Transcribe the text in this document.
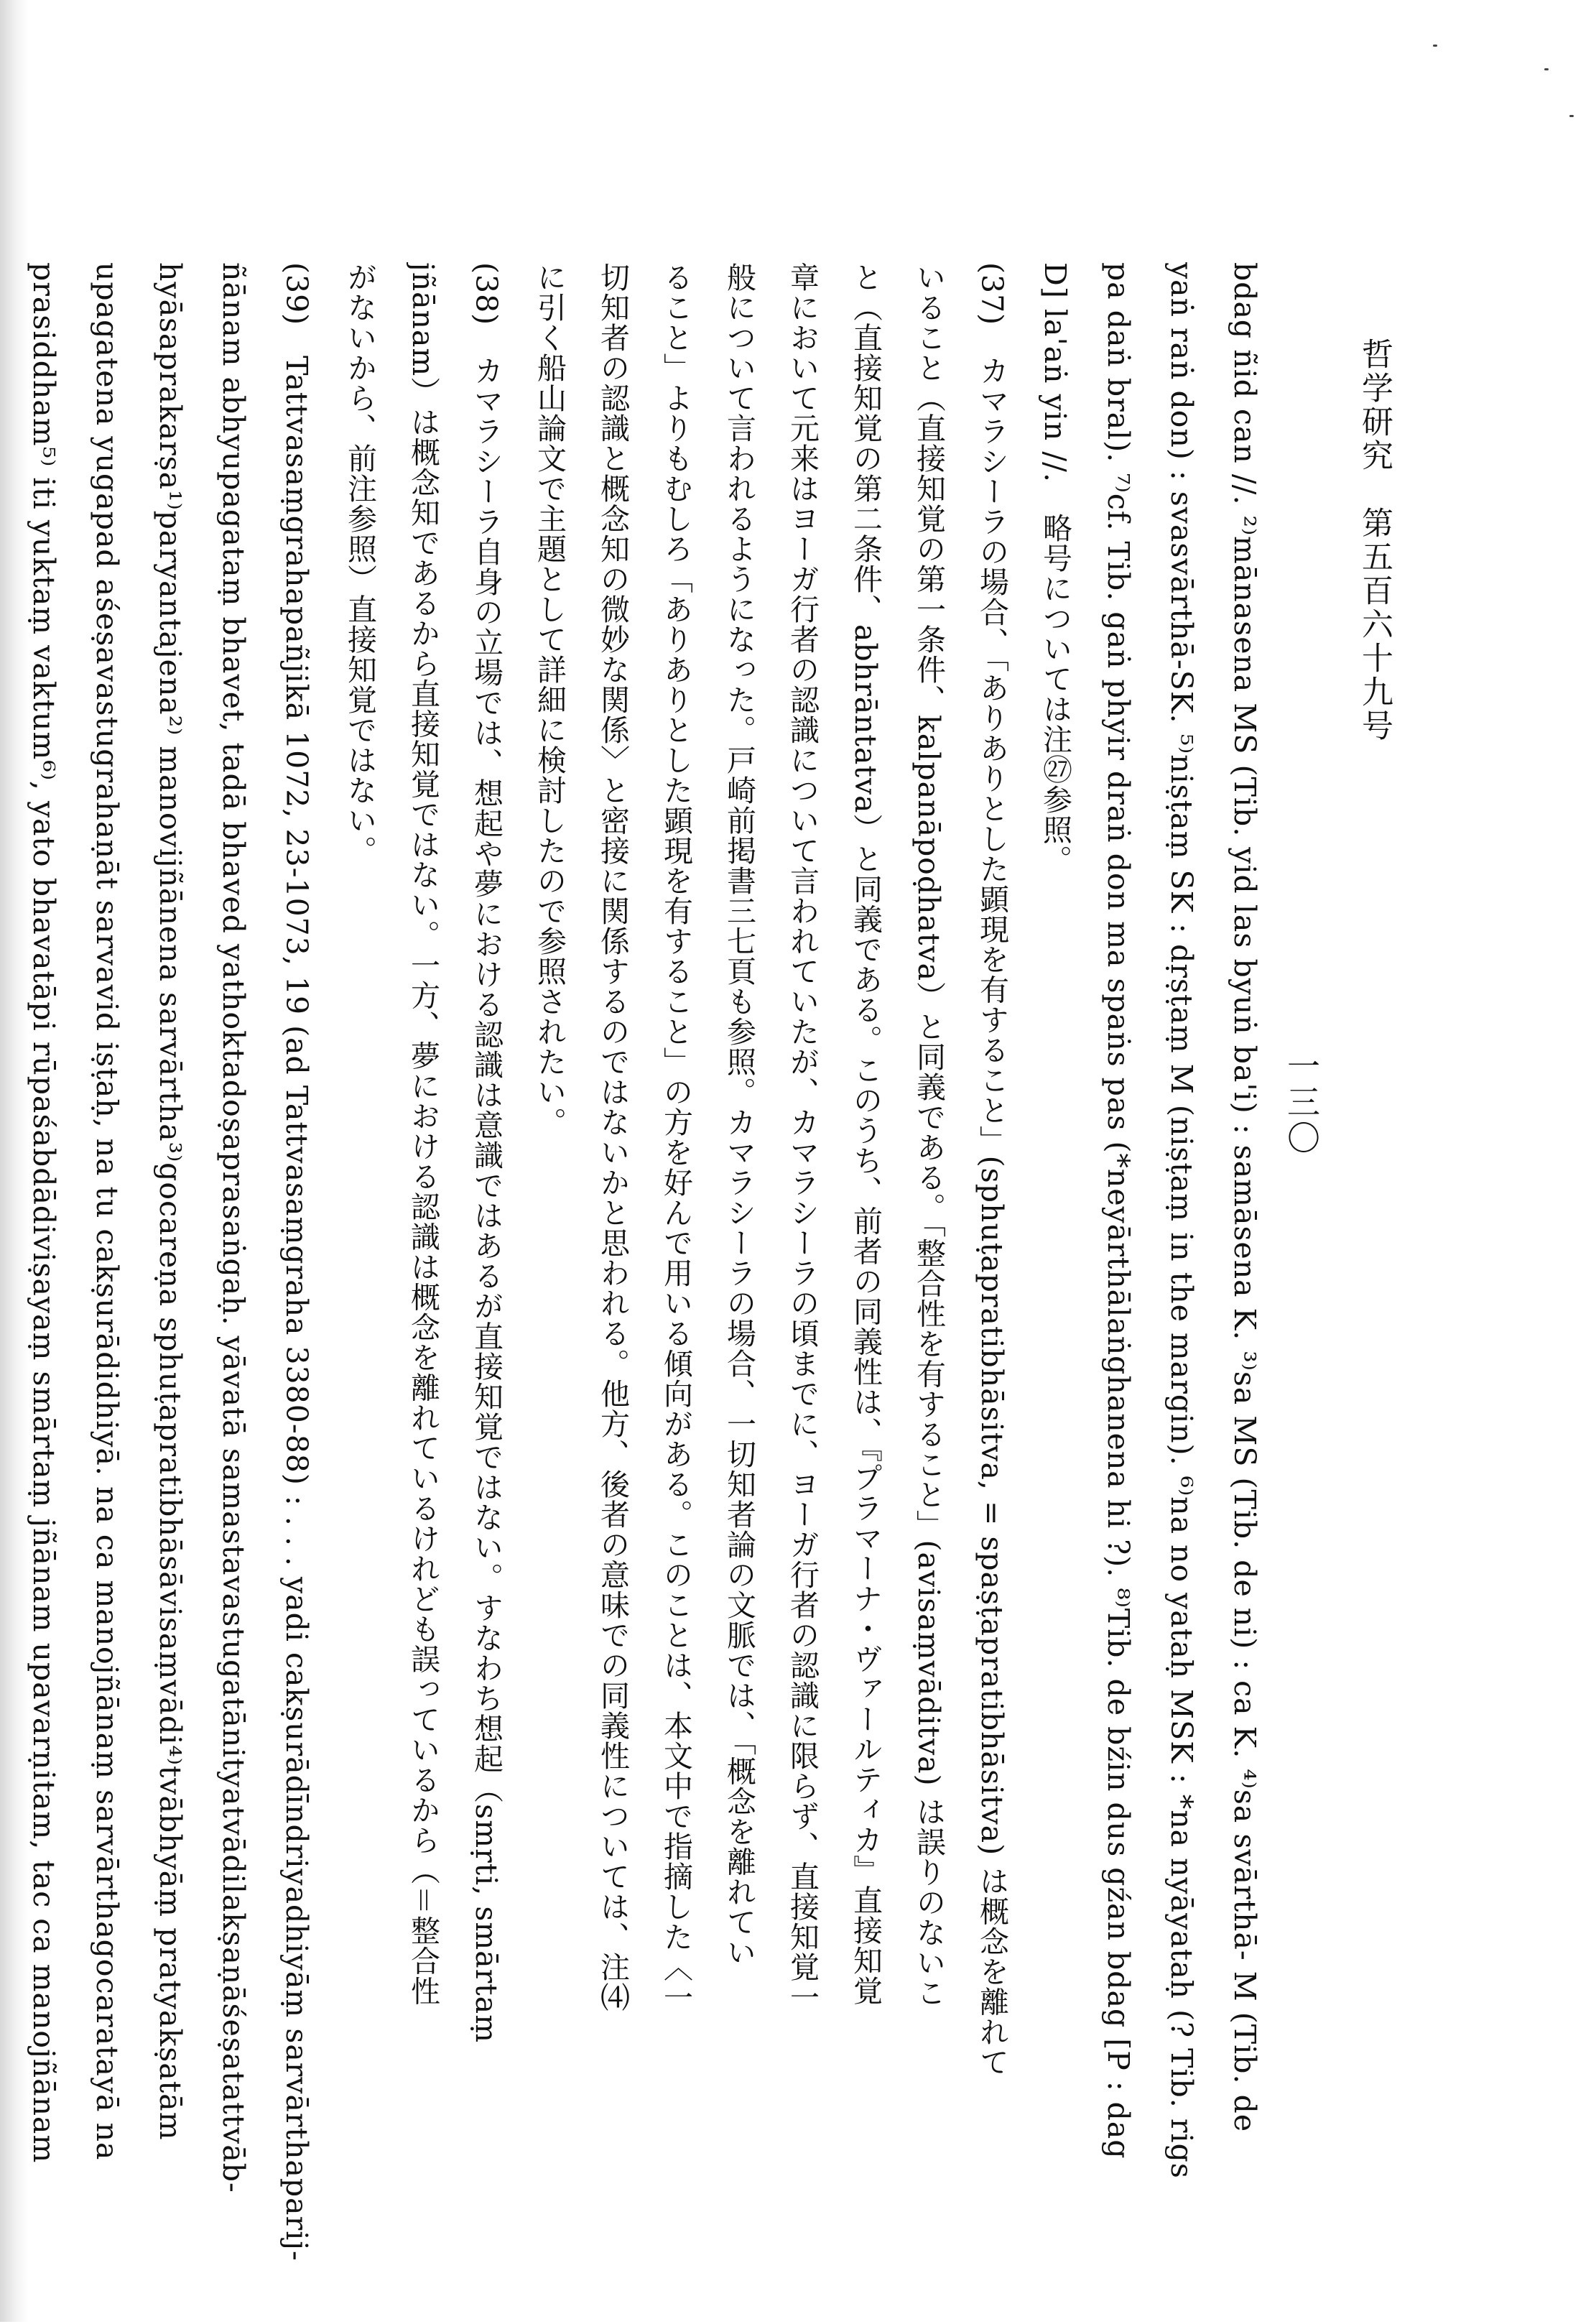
哲学研究　第五百六十九号
一三〇
bdag ñid can //. ²⁾mānasena MS (Tib. yid las byuṅ ba'i) : samāsena K. ³⁾sa MS (Tib. de ni) : ca K. ⁴⁾sa svārthā- M (Tib. de
yaṅ raṅ don) : svasvārthā-SK. ⁵⁾niṣṭaṃ SK : dṛṣṭaṃ M (niṣṭaṃ in the margin). ⁶⁾na no yataḥ MSK : *na nyāyataḥ (? Tib. rigs
pa daṅ bral). ⁷⁾cf. Tib. gaṅ phyir draṅ don ma spaṅs pas (*neyārthālaṅghanena hi ?). ⁸⁾Tib. de bźin dus gźan bdag [P : dag
D] la'aṅ yin //.　略号については注㉗参照。
(37)　カマラシーラの場合、「ありありとした顕現を有すること」(sphuṭapratibhāsitva, = spaṣṭapratibhāsitva) は概念を離れて
いること（直接知覚の第一条件、kalpanāpoḍhatva）と同義である。「整合性を有すること」(avisaṃvāditva) は誤りのないこ
と（直接知覚の第二条件、abhrāntatva）と同義である。このうち、前者の同義性は、『プラマーナ・ヴァールティカ』直接知覚
章において元来はヨーガ行者の認識について言われていたが、カマラシーラの頃までに、ヨーガ行者の認識に限らず、直接知覚一
般について言われるようになった。戸崎前掲書三七頁も参照。カマラシーラの場合、一切知者論の文脈では、「概念を離れてい
ること」よりもむしろ「ありありとした顕現を有すること」の方を好んで用いる傾向がある。このことは、本文中で指摘した〈一
切知者の認識と概念知の微妙な関係〉と密接に関係するのではないかと思われる。他方、後者の意味での同義性については、注⑷
に引く船山論文で主題として詳細に検討したので参照されたい。
(38)　カマラシーラ自身の立場では、想起や夢における認識は意識ではあるが直接知覚ではない。すなわち想起（smṛti, smārtaṃ
jñānam）は概念知であるから直接知覚ではない。一方、夢における認識は概念を離れているけれども誤っているから（＝整合性
がないから、前注参照）直接知覚ではない。
(39)　Tattvasaṃgrahapañjikā 1072, 23-1073, 19 (ad Tattvasaṃgraha 3380-88) : . . . yadi cakṣurādīndriyadhiyāṃ sarvārthaparij-
ñānam abhyupagataṃ bhavet, tadā bhaved yathoktadoṣaprasaṅgaḥ. yāvatā samastavastugatānityatvādilakṣaṇāśeṣatattvāb-
hyāsaprakarṣa¹⁾paryantajena²⁾ manovijñānena sarvārtha³⁾gocareṇa sphuṭapratibhāsāvisaṃvādi⁴⁾tvābhyāṃ pratyakṣatām
upagatena yugapad aśeṣavastugrahaṇāt sarvavid iṣṭaḥ, na tu cakṣurādidhiyā. na ca manojñānaṃ sarvārthagocaratayā na
prasiddham⁵⁾ iti yuktaṃ vaktum⁶⁾, yato bhavatāpi rūpaśabdādiviṣayaṃ smārtaṃ jñānam upavarṇitam, tac ca manojñānam
